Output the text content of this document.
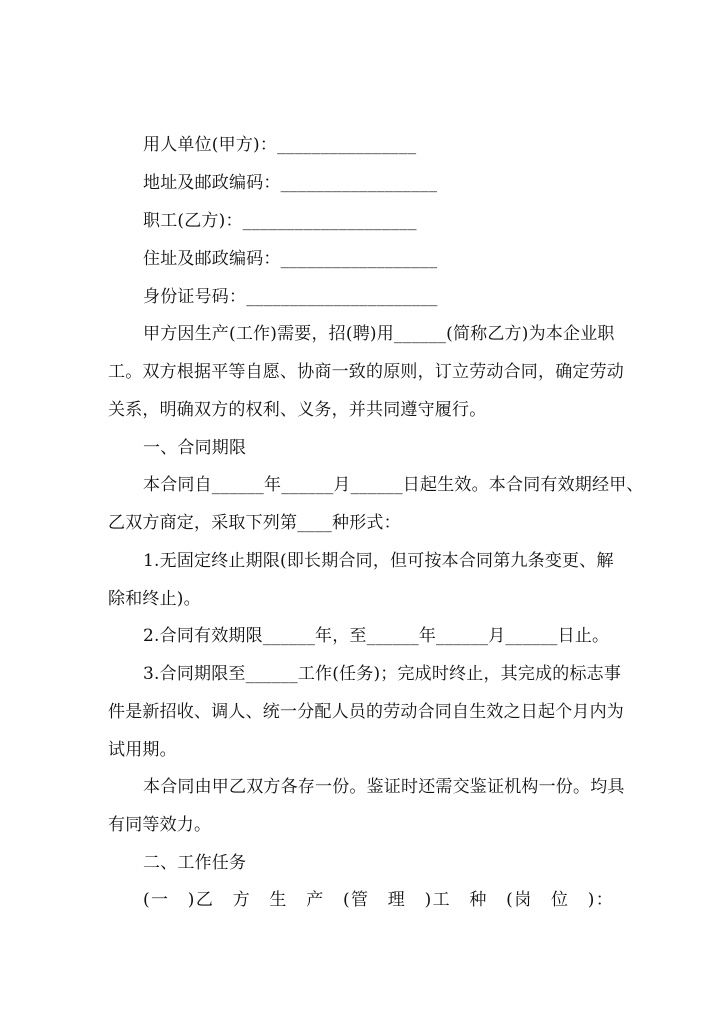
用人单位(甲方)：________________
地址及邮政编码：__________________
职工(乙方)：____________________
住址及邮政编码：__________________
身份证号码：______________________
甲方因生产(工作)需要，招(聘)用______(简称乙方)为本企业职
工。双方根据平等自愿、协商一致的原则，订立劳动合同，确定劳动
关系，明确双方的权利、义务，并共同遵守履行。
一、合同期限
本合同自______年______月______日起生效。本合同有效期经甲、
乙双方商定，采取下列第____种形式：
1.无固定终止期限(即长期合同，但可按本合同第九条变更、解
除和终止)。
2.合同有效期限______年，至______年______月______日止。
3.合同期限至______工作(任务)；完成时终止，其完成的标志事
件是新招收、调人、统一分配人员的劳动合同自生效之日起个月内为
试用期。
本合同由甲乙双方各存一份。鉴证时还需交鉴证机构一份。均具
有同等效力。
二、工作任务
(一　)乙　方　生　产　(管　理　)工　种　(岗　位　)：
